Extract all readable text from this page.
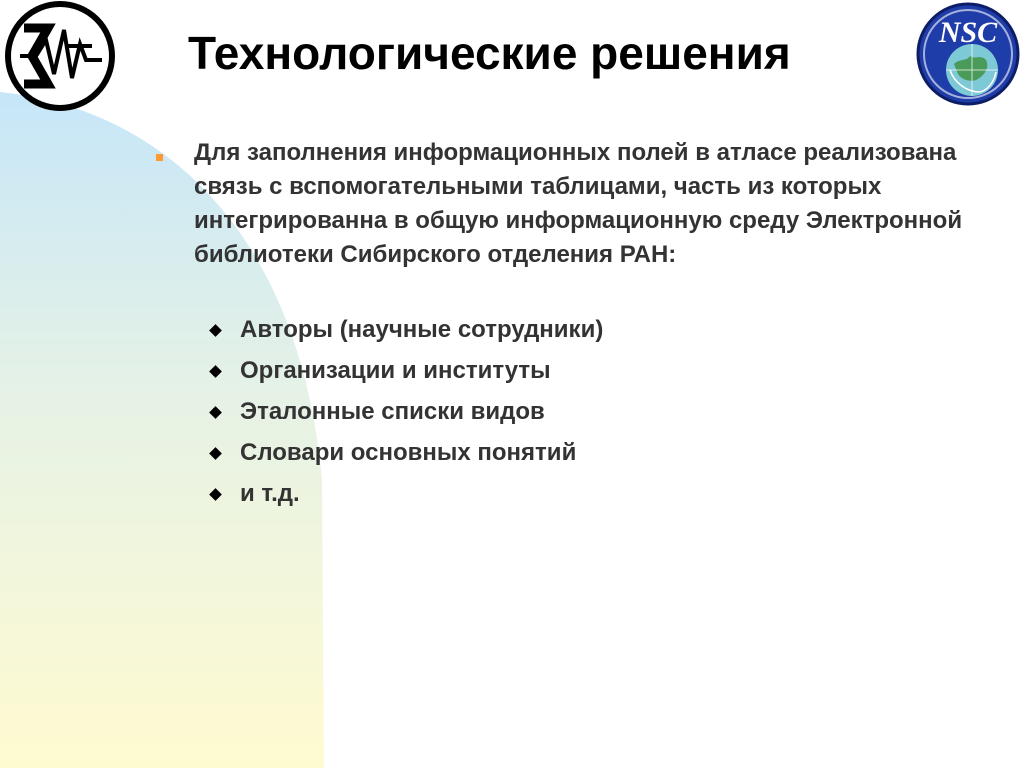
NSC
Технологические решения
Для заполнения информационных полей в атласе реализована связь с вспомогательными таблицами, часть из которых интегрированна в общую информационную среду Электронной библиотеки Сибирского отделения РАН:
Авторы (научные сотрудники)
Организации и институты
Эталонные списки видов
Словари основных понятий
и т.д.
